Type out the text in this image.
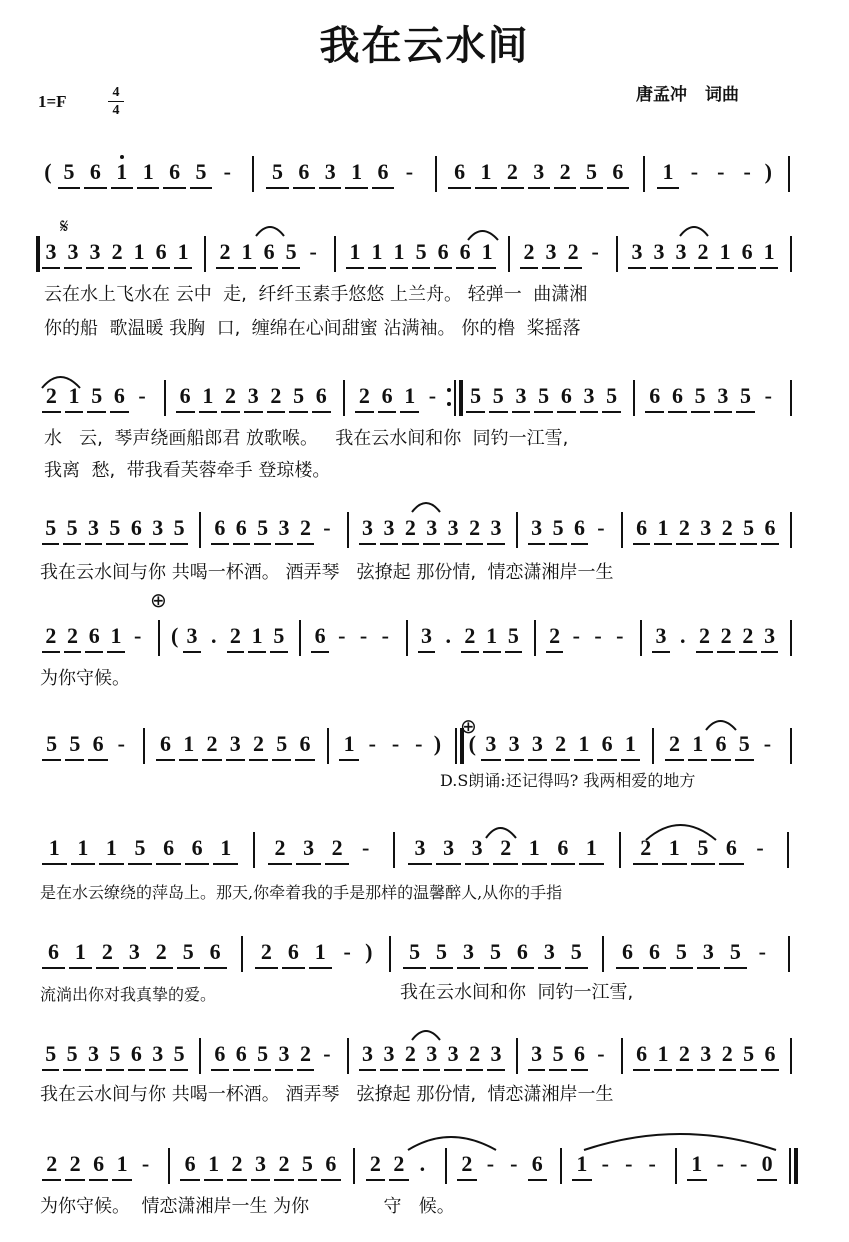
我在云水间
1=F	4
4
唐孟冲 词曲
( 5 6 1 1 6 5 -	5 6 3 1 6 -	6 1 2 3 2 5 6	1 - - - )
3 3 3 2 1 6 1 2 1 6 5 -	1 1 1 5 6 6 1 2 3 2 -	3 3 3 2 1 6 1
2 1 5 6 -	6 1 2 3 2 5 6 2 6 1 -	5 5 3 5 6 3 5 6 6 5 3 5 -
5 5 3 5 6 3 5 6 6 5 3 2 -	3 3 2 3 3 2 3 3 5 6 -	6 1 2 3 2 5 6
2 2 6 1 -	( 3 . 2 1 5 6 - - -	3 . 2 1 5 2 - - -	3 . 2 2 2 3
5 5 6 -	6 1 2 3 2 5 6 1 - - - ) ( 3 3 3 2 1 6 1 2 1 6 5 -
1 1 1 5 6 6 1	2 3 2 -	3 3 3 2 1 6 1	2 1 5 6 -
6 1 2 3 2 5 6	2 6 1 - )	5 5 3 5 6 3 5	6 6 5 3 5 -
5 5 3 5 6 3 5 6 6 5 3 2 -	3 3 2 3 3 2 3 3 5 6 -	6 1 2 3 2 5 6
2 2 6 1 -	6 1 2 3 2 5 6 2 2 .	2 - - 6 1 - - -	1 - - 0
𝄋
⊕
⊕
云在水上飞水在 云中  走,  纤纤玉素手悠悠 上兰舟。 轻弹一  曲潇湘
你的船  歌温暖 我胸  口,  缠绵在心间甜蜜 沾满袖。 你的橹  桨摇落
水   云,  琴声绕画船郎君 放歌喉。   我在云水间和你  同钓一江雪,
我离  愁,  带我看芙蓉牵手 登琼楼。
我在云水间与你 共喝一杯酒。 酒弄琴   弦撩起 那份情,  情恋潇湘岸一生
为你守候。
D.S朗诵:还记得吗? 我两相爱的地方
是在水云缭绕的萍岛上。那天,你牵着我的手是那样的温馨醉人,从你的手指
流淌出你对我真挚的爱。	我在云水间和你  同钓一江雪,
我在云水间与你 共喝一杯酒。 酒弄琴   弦撩起 那份情,  情恋潇湘岸一生
为你守候。  情恋潇湘岸一生 为你             守   候。
